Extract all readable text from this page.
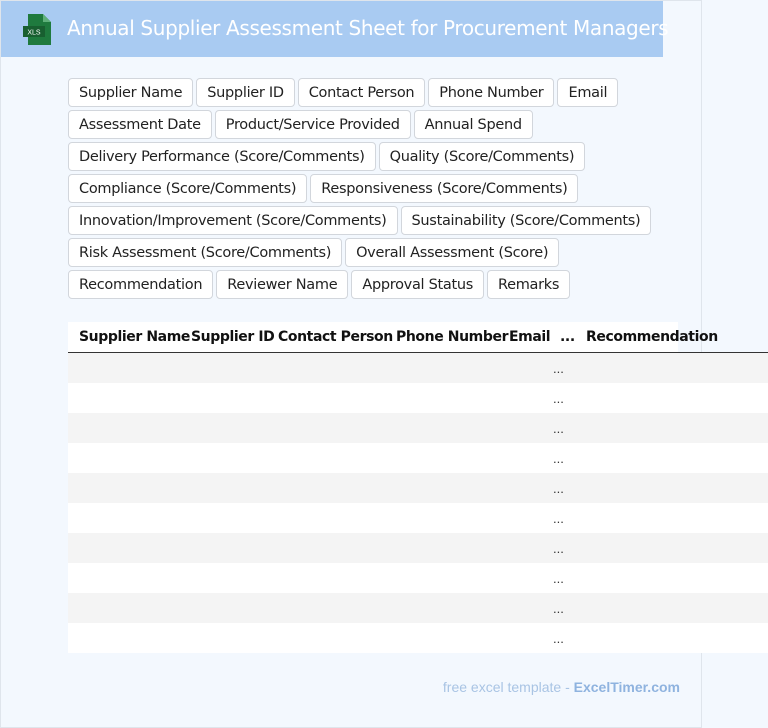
XLS Annual Supplier Assessment Sheet for Procurement Managers
Supplier Name	Supplier ID	Contact Person	Phone Number	Email
Assessment Date	Product/Service Provided	Annual Spend
Delivery Performance (Score/Comments)	Quality (Score/Comments)
Compliance (Score/Comments)	Responsiveness (Score/Comments)
Innovation/Improvement (Score/Comments)	Sustainability (Score/Comments)
Risk Assessment (Score/Comments)	Overall Assessment (Score)
Recommendation	Reviewer Name	Approval Status	Remarks
Supplier Name	Supplier ID	Contact Person	Phone Number	Email	...	Recommendation
					...	
					...	
					...	
					...	
					...	
					...	
					...	
					...	
					...	
					...	
free excel template - ExcelTimer.com
